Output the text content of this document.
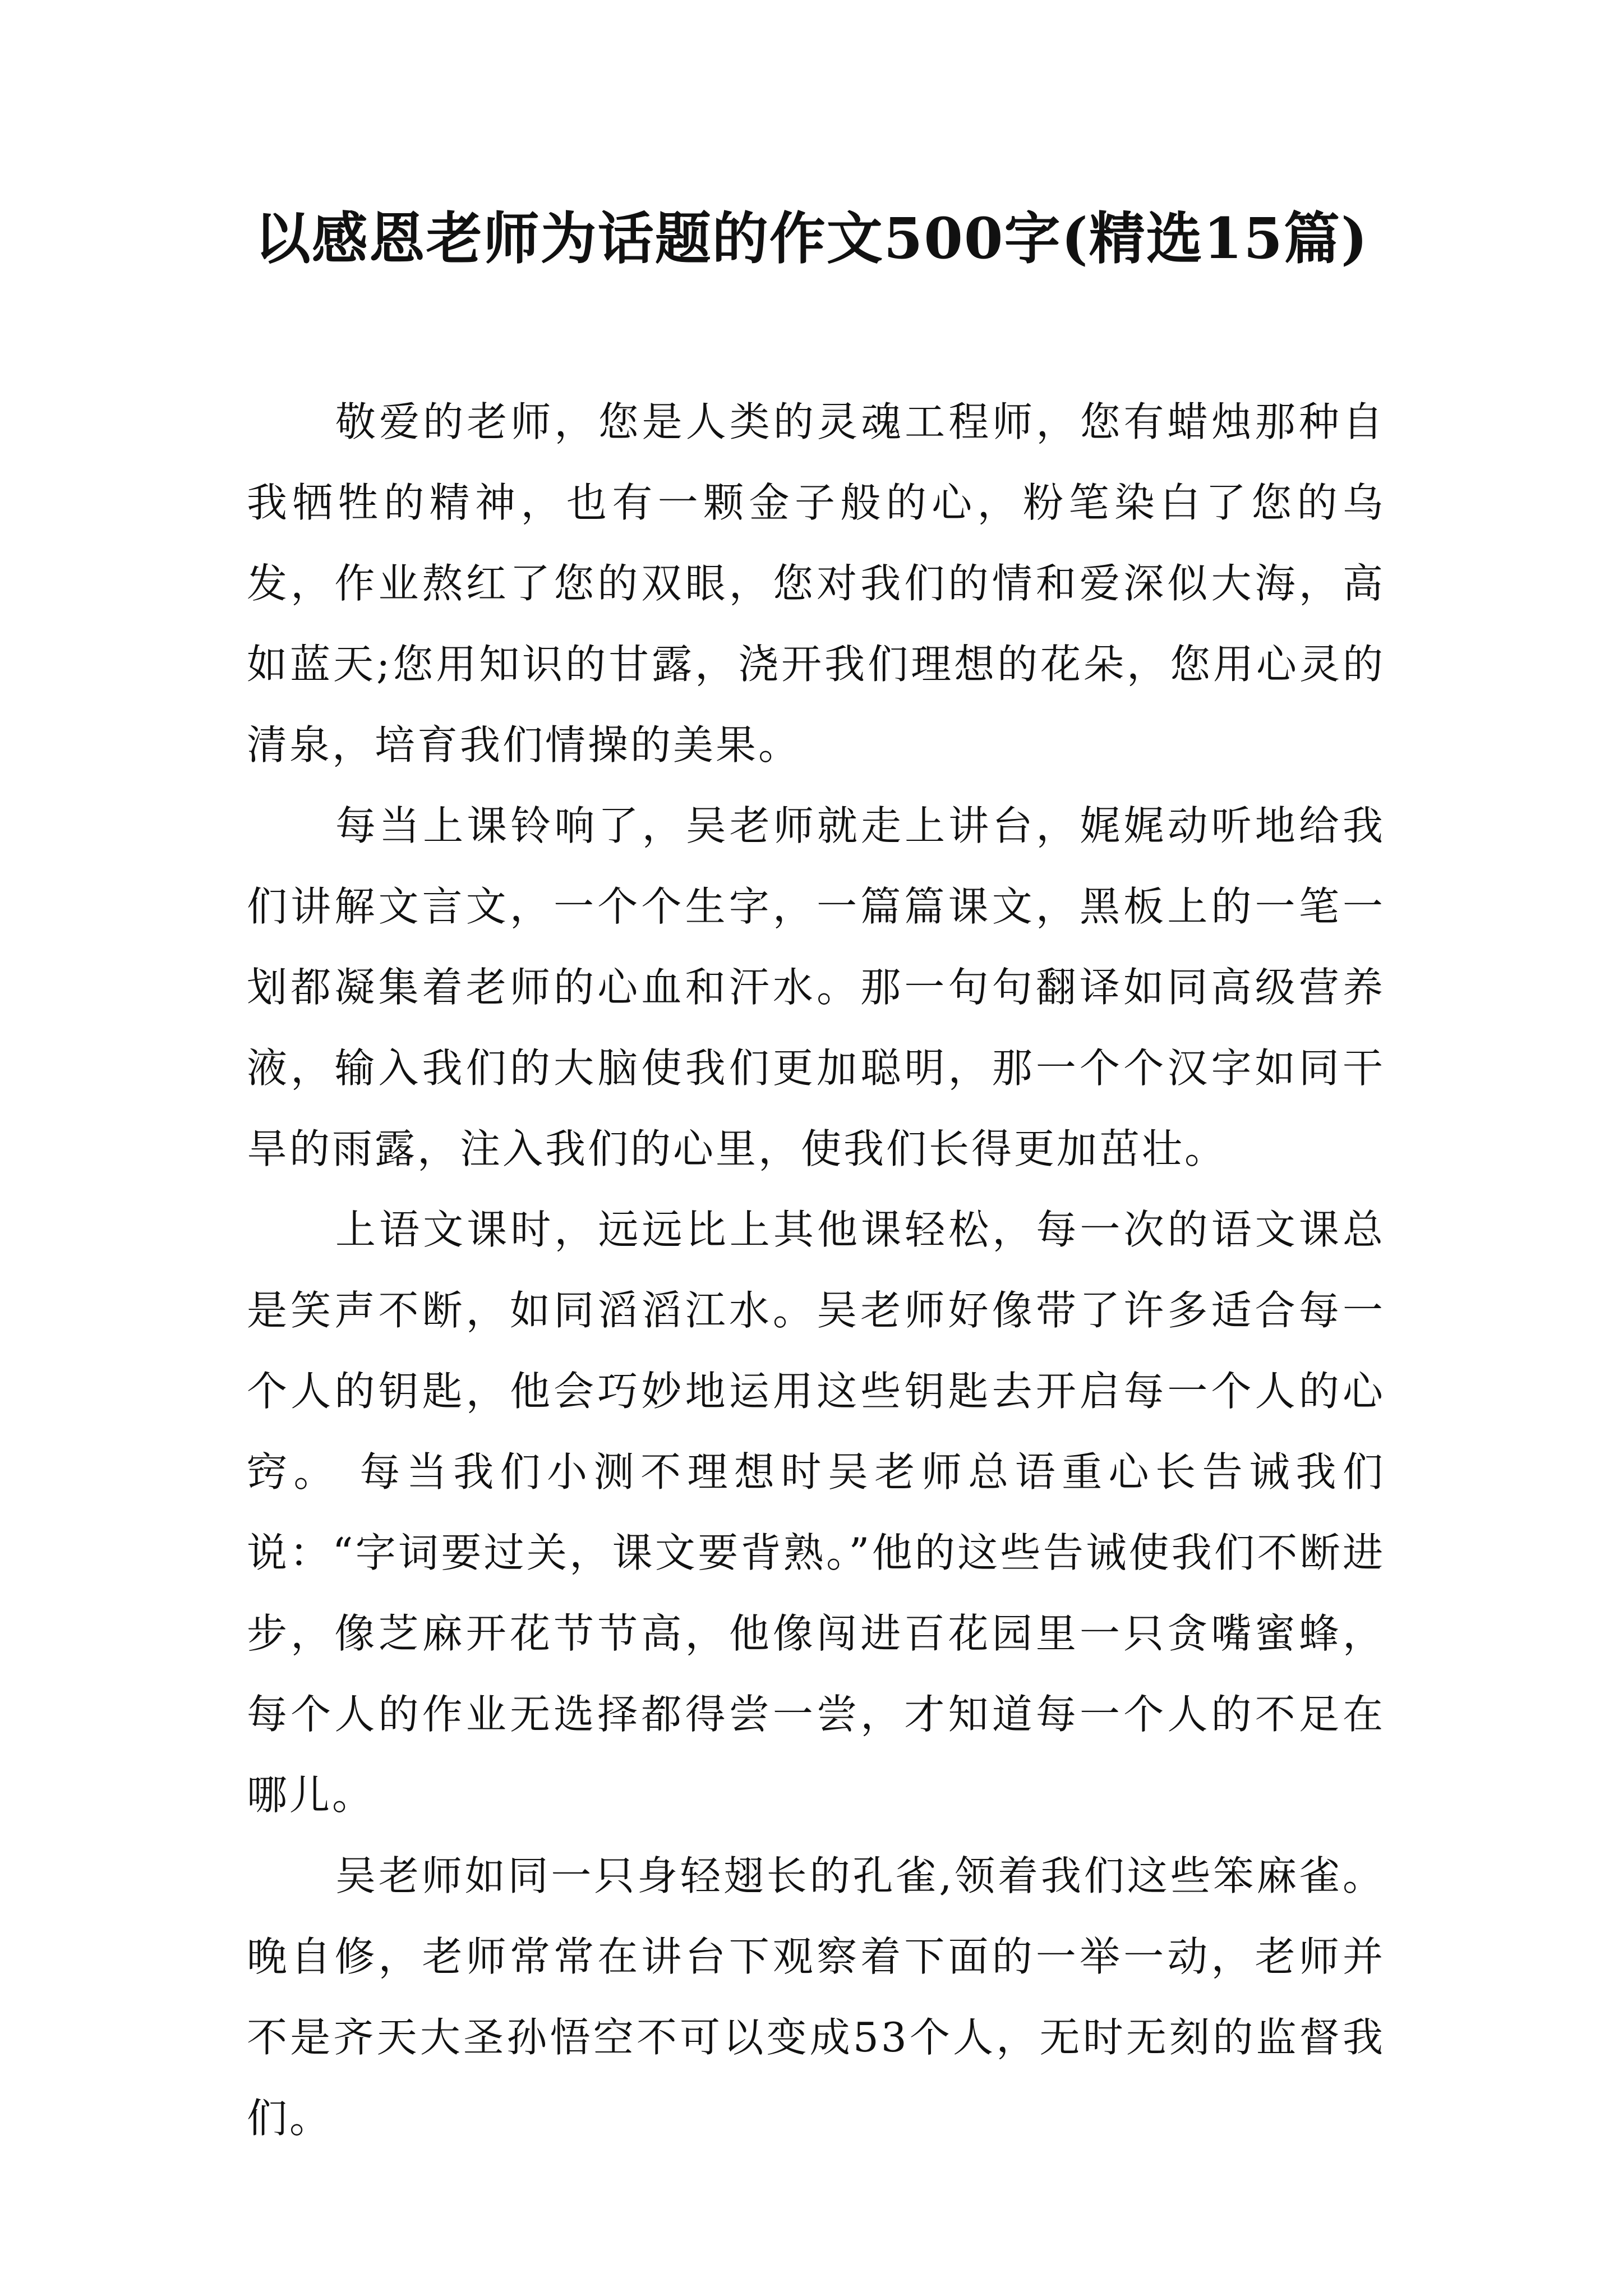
以感恩老师为话题的作文500字(精选15篇)

敬爱的老师，您是人类的灵魂工程师，您有蜡烛那种自我牺牲的精神，也有一颗金子般的心，粉笔染白了您的乌发，作业熬红了您的双眼，您对我们的情和爱深似大海，高如蓝天;您用知识的甘露，浇开我们理想的花朵，您用心灵的清泉，培育我们情操的美果。

每当上课铃响了，吴老师就走上讲台，娓娓动听地给我们讲解文言文，一个个生字，一篇篇课文，黑板上的一笔一划都凝集着老师的心血和汗水。那一句句翻译如同高级营养液，输入我们的大脑使我们更加聪明，那一个个汉字如同干旱的雨露，注入我们的心里，使我们长得更加茁壮。

上语文课时，远远比上其他课轻松，每一次的语文课总是笑声不断，如同滔滔江水。吴老师好像带了许多适合每一个人的钥匙，他会巧妙地运用这些钥匙去开启每一个人的心窍。 每当我们小测不理想时吴老师总语重心长告诫我们说：“字词要过关，课文要背熟。”他的这些告诫使我们不断进步，像芝麻开花节节高，他像闯进百花园里一只贪嘴蜜蜂，每个人的作业无选择都得尝一尝，才知道每一个人的不足在哪儿。

吴老师如同一只身轻翅长的孔雀,领着我们这些笨麻雀。晚自修，老师常常在讲台下观察着下面的一举一动，老师并不是齐天大圣孙悟空不可以变成53个人，无时无刻的监督我们。
